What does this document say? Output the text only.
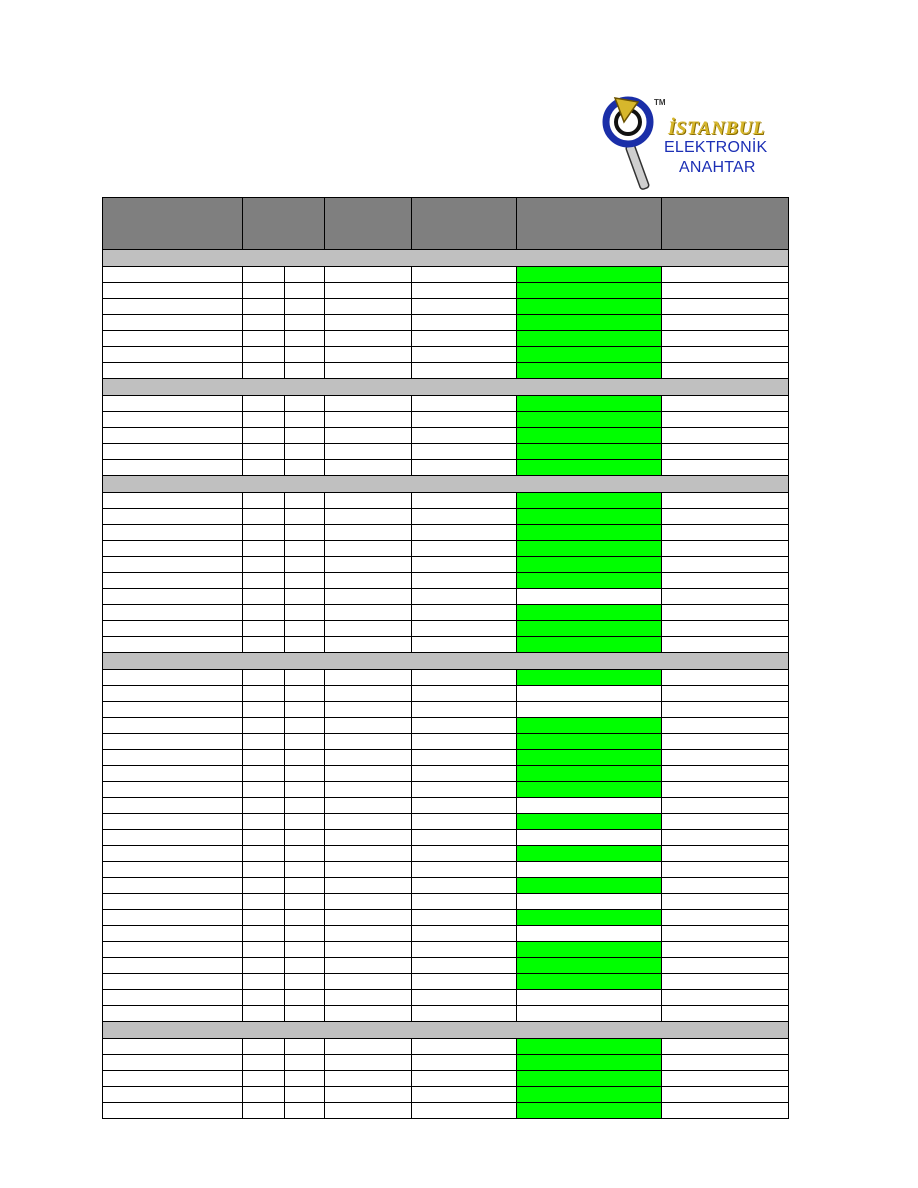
TM
İSTANBUL
ELEKTRONİK
ANAHTAR
